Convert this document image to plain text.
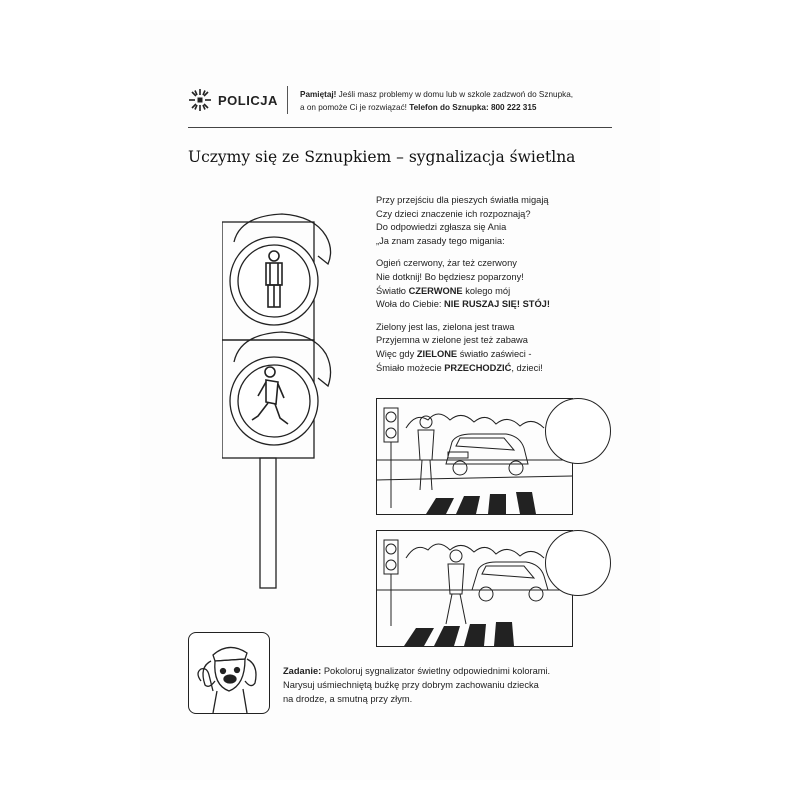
POLICJA	Pamiętaj! Jeśli masz problemy w domu lub w szkole zadzwoń do Sznupka,
a on pomoże Ci je rozwiązać! Telefon do Sznupka: 800 222 315
Uczymy się ze Sznupkiem – sygnalizacja świetlna
Przy przejściu dla pieszych światła migają
Czy dzieci znaczenie ich rozpoznają?
Do odpowiedzi zgłasza się Ania
„Ja znam zasady tego migania:
Ogień czerwony, żar też czerwony
Nie dotknij! Bo będziesz poparzony!
Światło CZERWONE kolego mój
Woła do Ciebie: NIE RUSZAJ SIĘ! STÓJ!
Zielony jest las, zielona jest trawa
Przyjemna w zielone jest też zabawa
Więc gdy ZIELONE światło zaświeci -
Śmiało możecie PRZECHODZIĆ, dzieci!
Zadanie: Pokoloruj sygnalizator świetlny odpowiednimi kolorami.
Narysuj uśmiechniętą buźkę przy dobrym zachowaniu dziecka
na drodze, a smutną przy złym.
